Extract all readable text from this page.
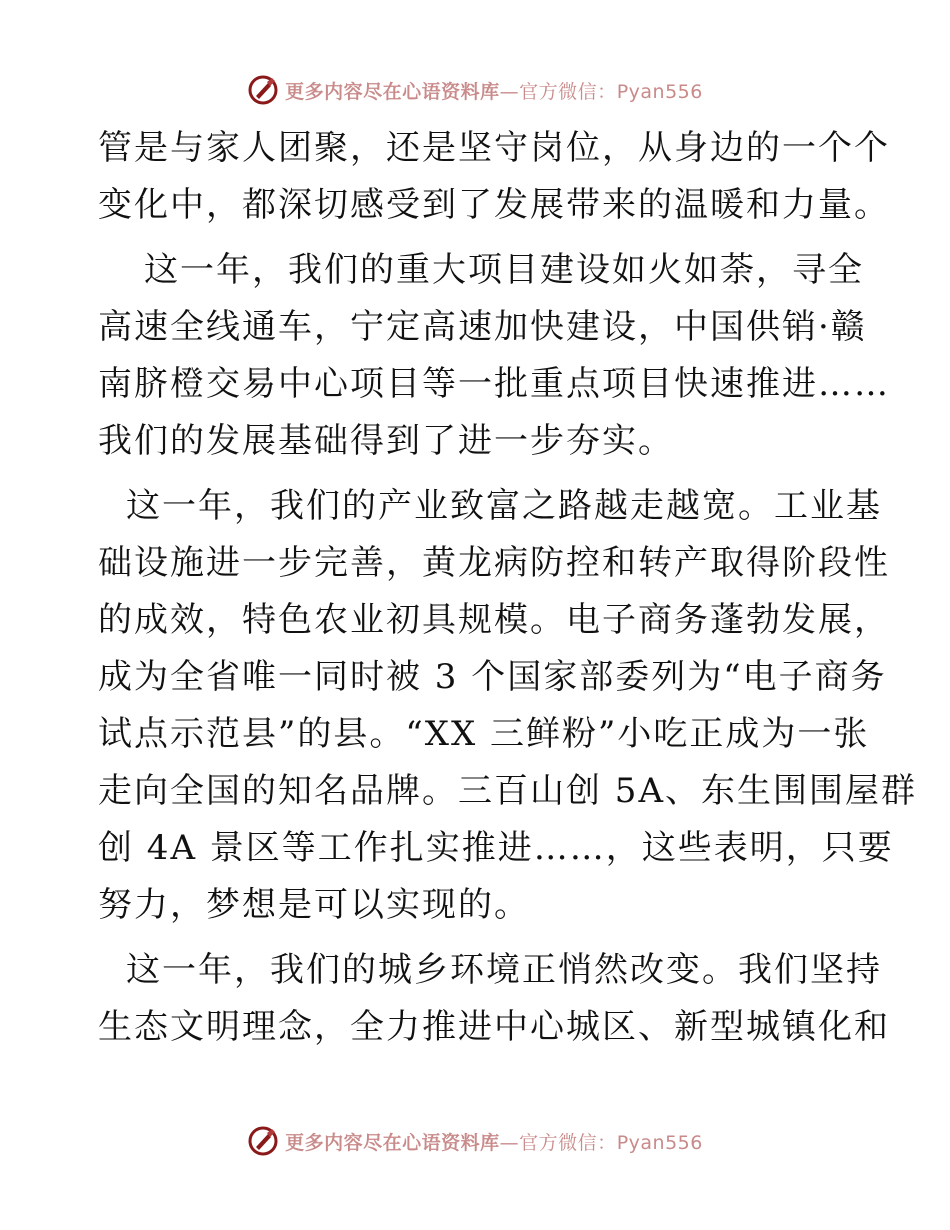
更多内容尽在心语资料库—官方微信：Pyan556
管是与家人团聚，还是坚守岗位，从身边的一个个
变化中，都深切感受到了发展带来的温暖和力量。
这一年，我们的重大项目建设如火如荼，寻全
高速全线通车，宁定高速加快建设，中国供销·赣
南脐橙交易中心项目等一批重点项目快速推进……
我们的发展基础得到了进一步夯实。
这一年，我们的产业致富之路越走越宽。工业基
础设施进一步完善，黄龙病防控和转产取得阶段性
的成效，特色农业初具规模。电子商务蓬勃发展，
成为全省唯一同时被 3 个国家部委列为“电子商务
试点示范县”的县。“XX 三鲜粉”小吃正成为一张
走向全国的知名品牌。三百山创 5A、东生围围屋群
创 4A 景区等工作扎实推进……，这些表明，只要
努力，梦想是可以实现的。
这一年，我们的城乡环境正悄然改变。我们坚持
生态文明理念，全力推进中心城区、新型城镇化和
更多内容尽在心语资料库—官方微信：Pyan556
